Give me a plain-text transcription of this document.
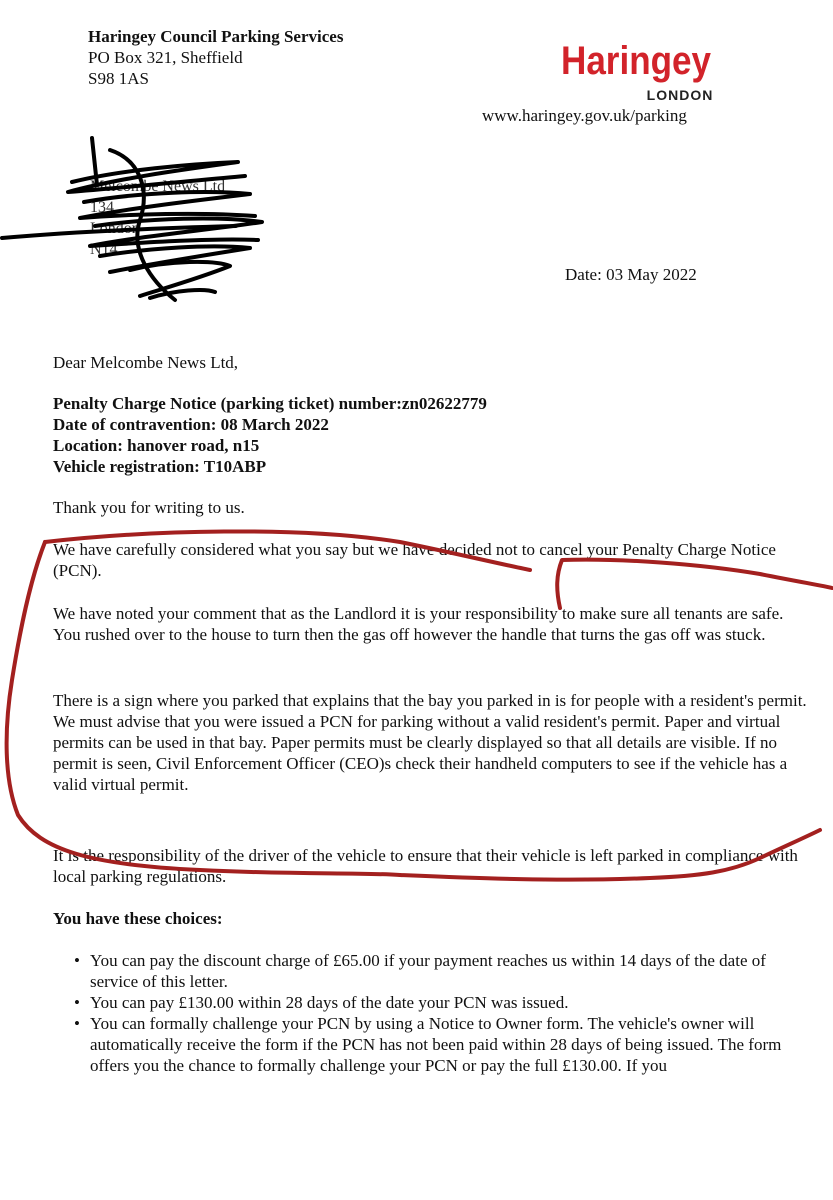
Haringey Council Parking Services
PO Box 321, Sheffield
S98 1AS	Haringey
LONDON
www.haringey.gov.uk/parking
Melcombe News Ltd
134
London
N14
Date: 03 May 2022
Dear Melcombe News Ltd,
Penalty Charge Notice (parking ticket) number:zn02622779
Date of contravention: 08 March 2022
Location: hanover road, n15
Vehicle registration: T10ABP
Thank you for writing to us.
We have carefully considered what you say but we have decided not to cancel your Penalty Charge Notice (PCN).
We have noted your comment that as the Landlord it is your responsibility to make sure all tenants are safe. You rushed over to the house to turn then the gas off however the handle that turns the gas off was stuck.
There is a sign where you parked that explains that the bay you parked in is for people with a resident's permit.
We must advise that you were issued a PCN for parking without a valid resident's permit. Paper and virtual permits can be used in that bay. Paper permits must be clearly displayed so that all details are visible. If no permit is seen, Civil Enforcement Officer (CEO)s check their handheld computers to see if the vehicle has a valid virtual permit.
It is the responsibility of the driver of the vehicle to ensure that their vehicle is left parked in compliance with local parking regulations.
You have these choices:
• You can pay the discount charge of £65.00 if your payment reaches us within 14 days of the date of service of this letter.
• You can pay £130.00 within 28 days of the date your PCN was issued.
• You can formally challenge your PCN by using a Notice to Owner form. The vehicle's owner will automatically receive the form if the PCN has not been paid within 28 days of being issued. The form offers you the chance to formally challenge your PCN or pay the full £130.00. If you
